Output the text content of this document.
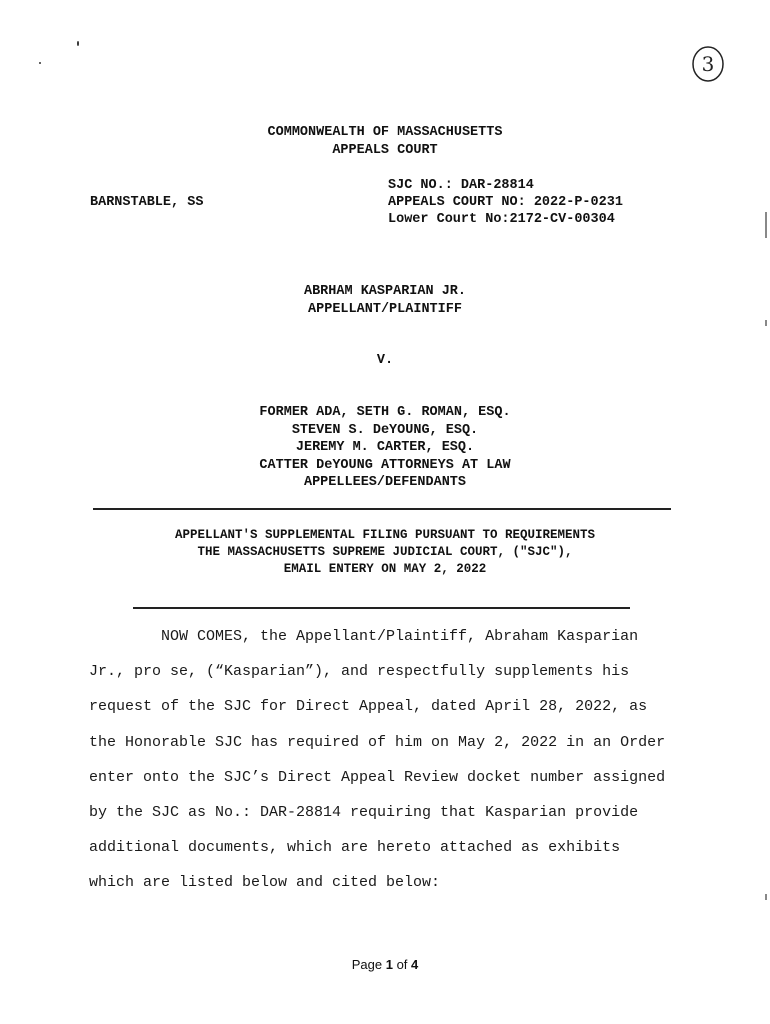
3
COMMONWEALTH OF MASSACHUSETTS
APPEALS COURT
BARNSTABLE, SS
SJC NO.: DAR-28814
APPEALS COURT NO: 2022-P-0231
Lower Court No:2172-CV-00304
ABRHAM KASPARIAN JR.
APPELLANT/PLAINTIFF
V.
FORMER ADA, SETH G. ROMAN, ESQ.
STEVEN S. DeYOUNG, ESQ.
JEREMY M. CARTER, ESQ.
CATTER DeYOUNG ATTORNEYS AT LAW
APPELLEES/DEFENDANTS
APPELLANT'S SUPPLEMENTAL FILING PURSUANT TO REQUIREMENTS
THE MASSACHUSETTS SUPREME JUDICIAL COURT, ("SJC"),
EMAIL ENTERY ON MAY 2, 2022
NOW COMES, the Appellant/Plaintiff, Abraham Kasparian
Jr., pro se, (“Kasparian”), and respectfully supplements his
request of the SJC for Direct Appeal, dated April 28, 2022, as
the Honorable SJC has required of him on May 2, 2022 in an Order
enter onto the SJC’s Direct Appeal Review docket number assigned
by the SJC as No.: DAR-28814 requiring that Kasparian provide
additional documents, which are hereto attached as exhibits
which are listed below and cited below:
Page 1 of 4
